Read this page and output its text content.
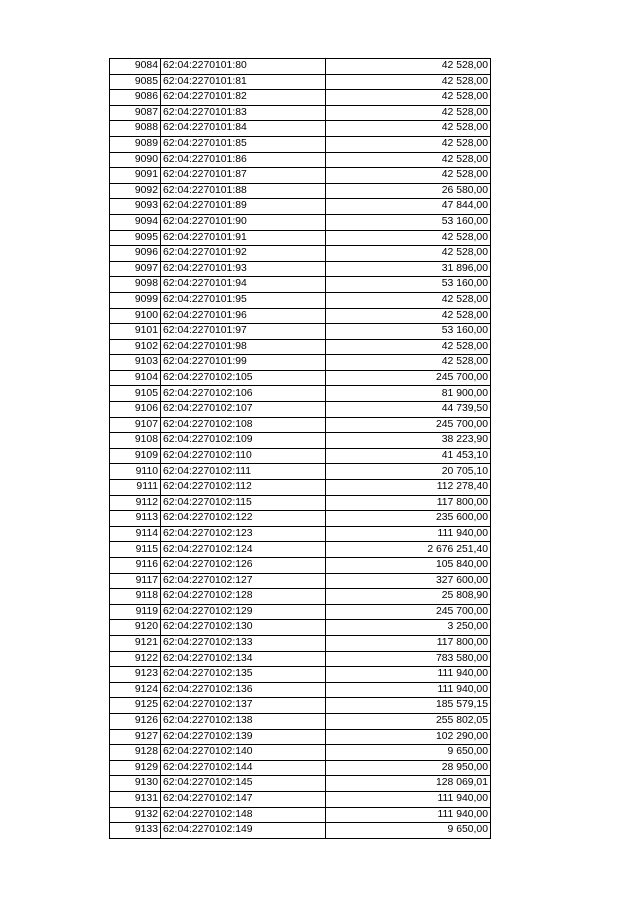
9084	62:04:2270101:80	42 528,00
9085	62:04:2270101:81	42 528,00
9086	62:04:2270101:82	42 528,00
9087	62:04:2270101:83	42 528,00
9088	62:04:2270101:84	42 528,00
9089	62:04:2270101:85	42 528,00
9090	62:04:2270101:86	42 528,00
9091	62:04:2270101:87	42 528,00
9092	62:04:2270101:88	26 580,00
9093	62:04:2270101:89	47 844,00
9094	62:04:2270101:90	53 160,00
9095	62:04:2270101:91	42 528,00
9096	62:04:2270101:92	42 528,00
9097	62:04:2270101:93	31 896,00
9098	62:04:2270101:94	53 160,00
9099	62:04:2270101:95	42 528,00
9100	62:04:2270101:96	42 528,00
9101	62:04:2270101:97	53 160,00
9102	62:04:2270101:98	42 528,00
9103	62:04:2270101:99	42 528,00
9104	62:04:2270102:105	245 700,00
9105	62:04:2270102:106	81 900,00
9106	62:04:2270102:107	44 739,50
9107	62:04:2270102:108	245 700,00
9108	62:04:2270102:109	38 223,90
9109	62:04:2270102:110	41 453,10
9110	62:04:2270102:111	20 705,10
9111	62:04:2270102:112	112 278,40
9112	62:04:2270102:115	117 800,00
9113	62:04:2270102:122	235 600,00
9114	62:04:2270102:123	111 940,00
9115	62:04:2270102:124	2 676 251,40
9116	62:04:2270102:126	105 840,00
9117	62:04:2270102:127	327 600,00
9118	62:04:2270102:128	25 808,90
9119	62:04:2270102:129	245 700,00
9120	62:04:2270102:130	3 250,00
9121	62:04:2270102:133	117 800,00
9122	62:04:2270102:134	783 580,00
9123	62:04:2270102:135	111 940,00
9124	62:04:2270102:136	111 940,00
9125	62:04:2270102:137	185 579,15
9126	62:04:2270102:138	255 802,05
9127	62:04:2270102:139	102 290,00
9128	62:04:2270102:140	9 650,00
9129	62:04:2270102:144	28 950,00
9130	62:04:2270102:145	128 069,01
9131	62:04:2270102:147	111 940,00
9132	62:04:2270102:148	111 940,00
9133	62:04:2270102:149	9 650,00
